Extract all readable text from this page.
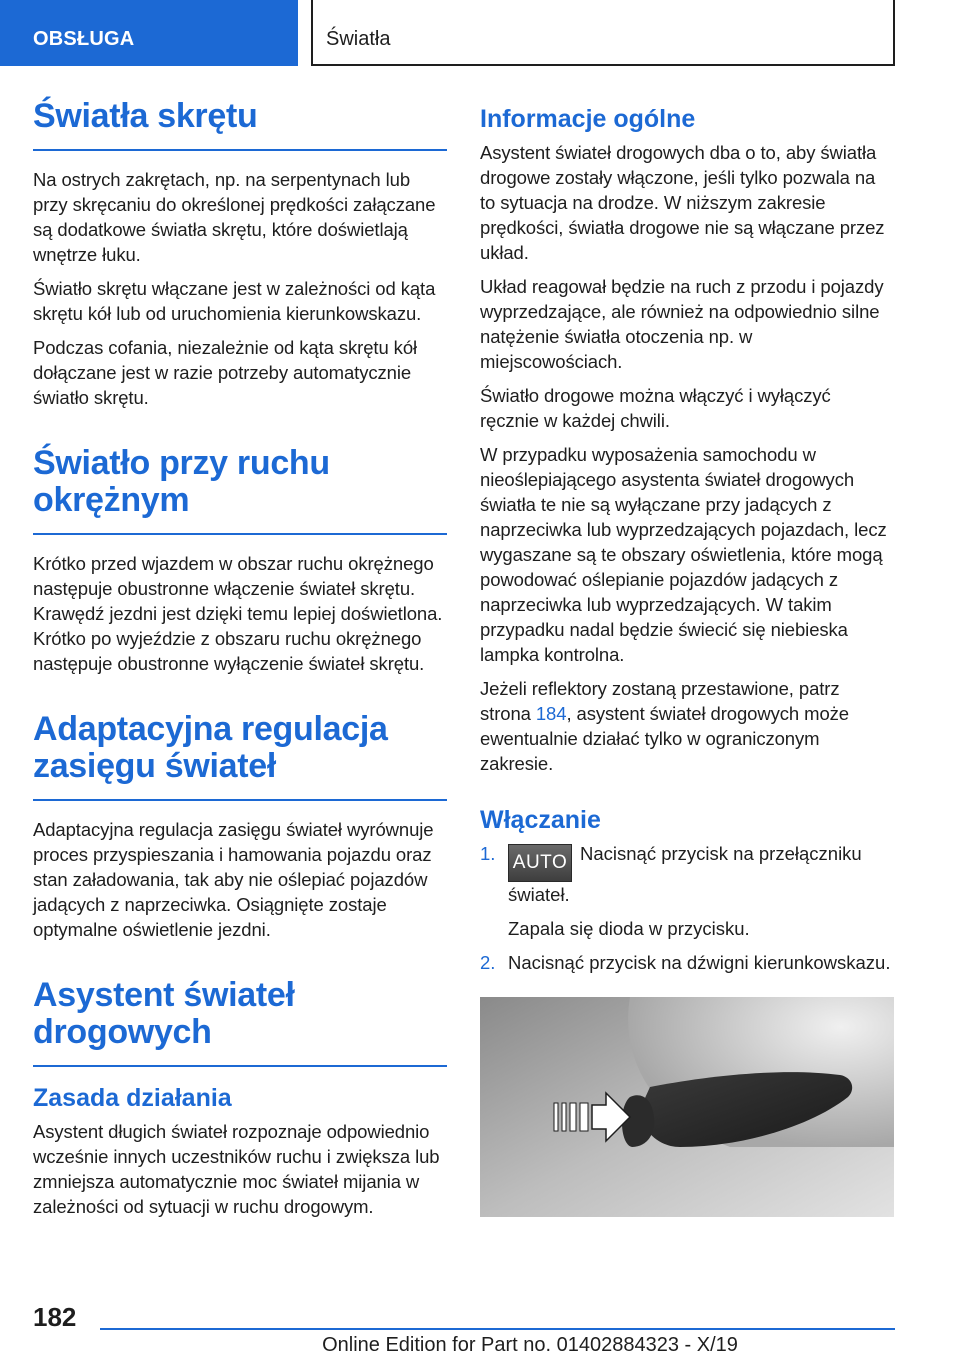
OBSŁUGA	Światła
Światła skrętu

Na ostrych zakrętach, np. na serpentynach lub przy skręcaniu do określonej prędkości załączane są dodatkowe światła skrętu, które doświetlają wnętrze łuku.

Światło skrętu włączane jest w zależności od kąta skrętu kół lub od uruchomienia kierunkowskazu.

Podczas cofania, niezależnie od kąta skrętu kół dołączane jest w razie potrzeby automatycznie światło skrętu.

Światło przy ruchu
okrężnym

Krótko przed wjazdem w obszar ruchu okrężnego następuje obustronne włączenie świateł skrętu. Krawędź jezdni jest dzięki temu lepiej doświetlona. Krótko po wyjeździe z obszaru ruchu okrężnego następuje obustronne wyłączenie świateł skrętu.

Adaptacyjna regulacja
zasięgu świateł

Adaptacyjna regulacja zasięgu świateł wyrównuje proces przyspieszania i hamowania pojazdu oraz stan załadowania, tak aby nie oślepiać pojazdów jadących z naprzeciwka. Osiągnięte zostaje optymalne oświetlenie jezdni.

Asystent świateł
drogowych
Zasada działania

Asystent długich świateł rozpoznaje odpowiednio wcześnie innych uczestników ruchu i zwiększa lub zmniejsza automatycznie moc świateł mijania w zależności od sytuacji w ruchu drogowym.

Informacje ogólne

Asystent świateł drogowych dba o to, aby światła drogowe zostały włączone, jeśli tylko pozwala na to sytuacja na drodze. W niższym zakresie prędkości, światła drogowe nie są włączane przez układ.

Układ reagował będzie na ruch z przodu i pojazdy wyprzedzające, ale również na odpowiednio silne natężenie światła otoczenia np. w miejscowościach.

Światło drogowe można włączyć i wyłączyć ręcznie w każdej chwili.

W przypadku wyposażenia samochodu w nieoślepiającego asystenta świateł drogowych światła te nie są wyłączane przy jadących z naprzeciwka lub wyprzedzających pojazdach, lecz wygaszane są te obszary oświetlenia, które mogą powodować oślepianie pojazdów jadących z naprzeciwka lub wyprzedzających. W takim przypadku nadal będzie świecić się niebieska lampka kontrolna.

Jeżeli reflektory zostaną przestawione, patrz strona 184, asystent świateł drogowych może ewentualnie działać tylko w ograniczonym zakresie.

Włączanie
1. AUTO Nacisnąć przycisk na przełączniku świateł.
Zapala się dioda w przycisku.
2. Nacisnąć przycisk na dźwigni kierunkowskazu.
182
Online Edition for Part no. 01402884323 - X/19
